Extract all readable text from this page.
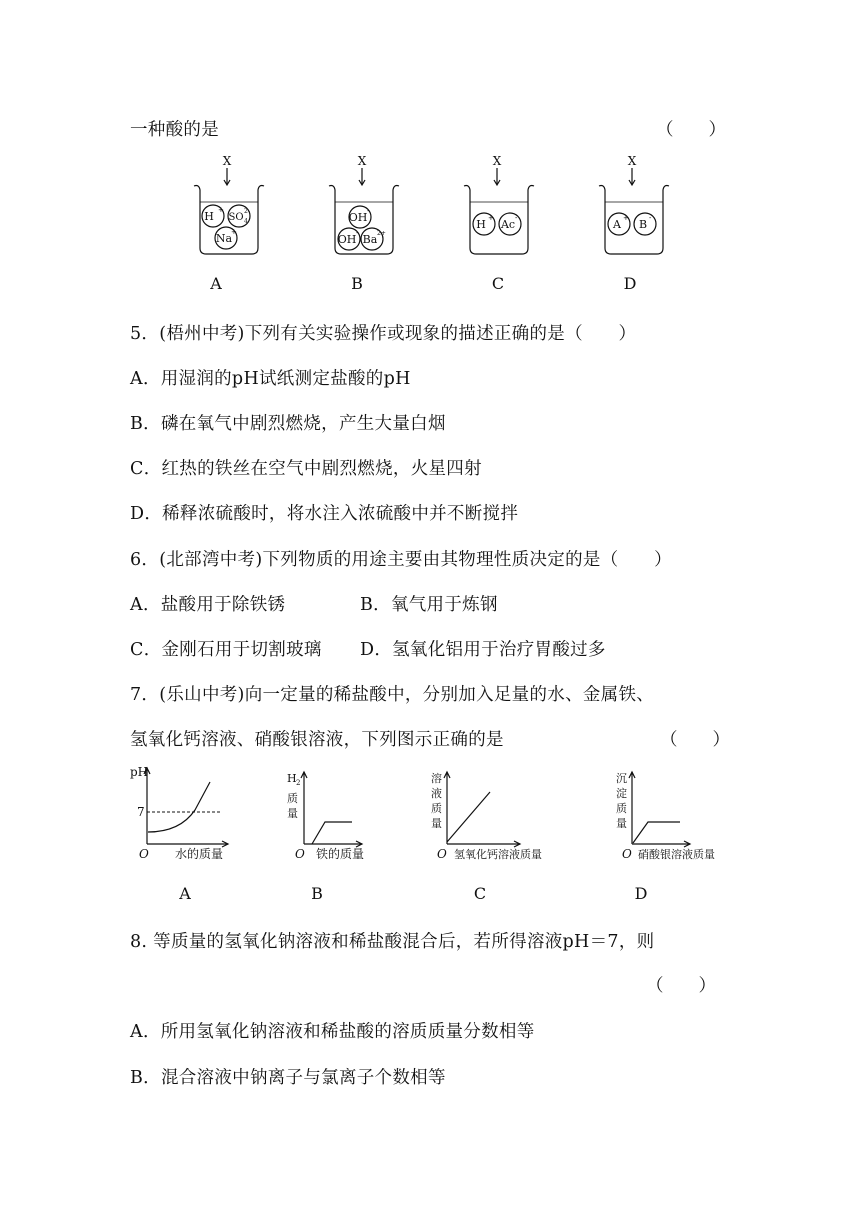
一种酸的是	（　　）
X
H +
SO
2-
4
Na
+
X
OH -
OH - Ba 2+
X
H + Ac -
X
A + B -
A	B	C	D
5．(梧州中考)下列有关实验操作或现象的描述正确的是（　　）
A．用湿润的pH试纸测定盐酸的pH
B．磷在氧气中剧烈燃烧，产生大量白烟
C．红热的铁丝在空气中剧烈燃烧，火星四射
D．稀释浓硫酸时，将水注入浓硫酸中并不断搅拌
6．(北部湾中考)下列物质的用途主要由其物理性质决定的是（　　）
A．盐酸用于除铁锈	B．氧气用于炼钢
C．金刚石用于切割玻璃 D．氢氧化铝用于治疗胃酸过多
7．(乐山中考)向一定量的稀盐酸中，分别加入足量的水、金属铁、
氢氧化钙溶液、硝酸银溶液，下列图示正确的是	（　　）
pH
7
O 水的质量
H 2
质
量
O 铁的质量
溶
液
质
量
O 氢氧化钙溶液质量
沉
淀
质
量
O 硝酸银溶液质量
A	B	C	D
8. 等质量的氢氧化钠溶液和稀盐酸混合后，若所得溶液pH＝7，则
（　　）
A．所用氢氧化钠溶液和稀盐酸的溶质质量分数相等
B．混合溶液中钠离子与氯离子个数相等
